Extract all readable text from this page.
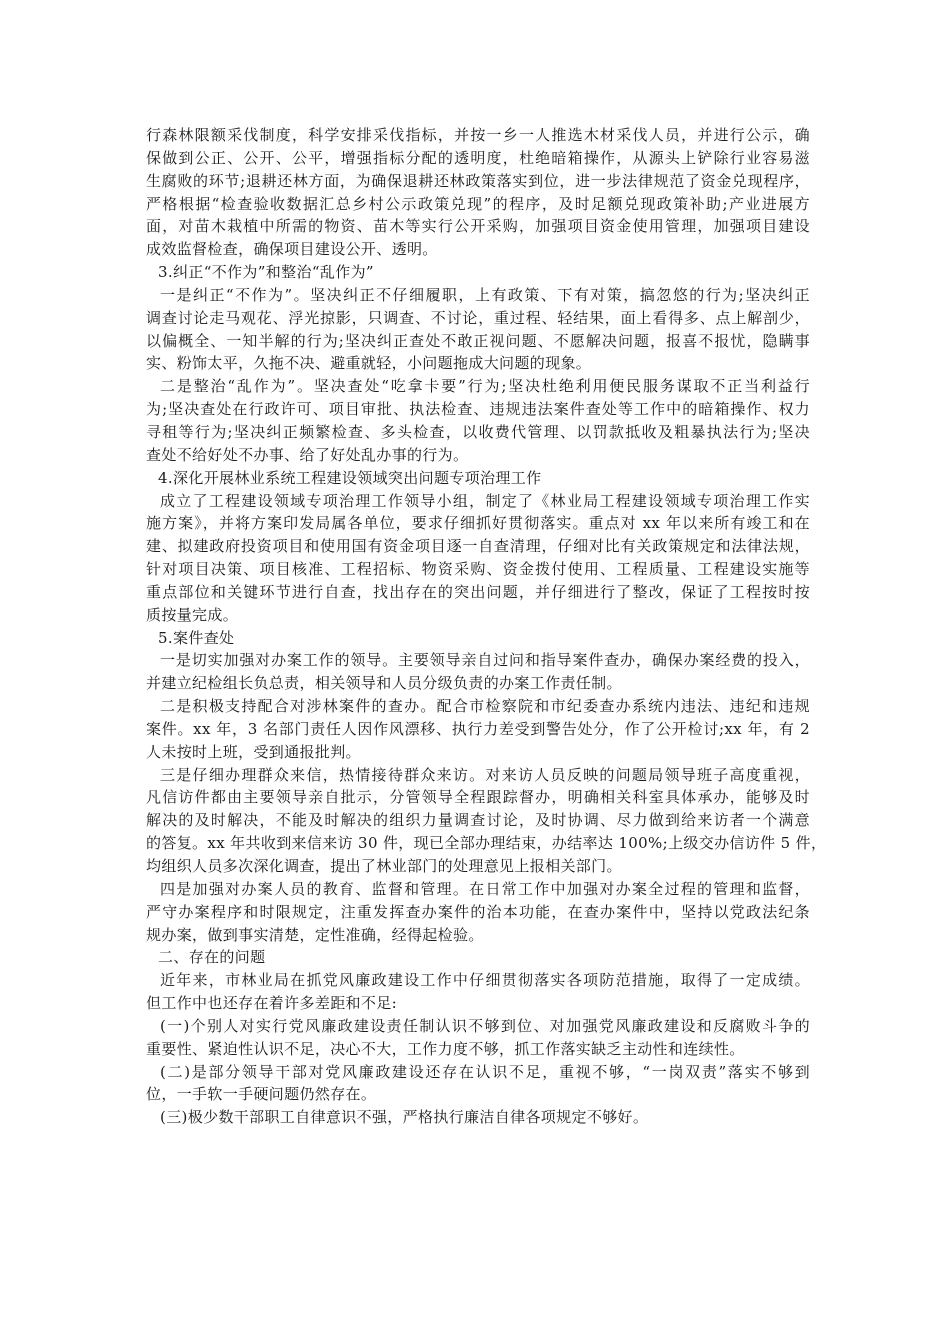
行森林限额采伐制度，科学安排采伐指标，并按一乡一人推选木材采伐人员，并进行公示，确
保做到公正、公开、公平，增强指标分配的透明度，杜绝暗箱操作，从源头上铲除行业容易滋
生腐败的环节;退耕还林方面，为确保退耕还林政策落实到位，进一步法律规范了资金兑现程序，
严格根据“检查验收数据汇总乡村公示政策兑现”的程序，及时足额兑现政策补助;产业进展方
面，对苗木栽植中所需的物资、苗木等实行公开采购，加强项目资金使用管理，加强项目建设
成效监督检查，确保项目建设公开、透明。
3.纠正“不作为”和整治“乱作为”
一是纠正“不作为”。坚决纠正不仔细履职，上有政策、下有对策，搞忽悠的行为;坚决纠正
调查讨论走马观花、浮光掠影，只调查、不讨论，重过程、轻结果，面上看得多、点上解剖少，
以偏概全、一知半解的行为;坚决纠正查处不敢正视问题、不愿解决问题，报喜不报忧，隐瞒事
实、粉饰太平，久拖不决、避重就轻，小问题拖成大问题的现象。
二是整治“乱作为”。坚决查处“吃拿卡要”行为;坚决杜绝利用便民服务谋取不正当利益行
为;坚决查处在行政许可、项目审批、执法检查、违规违法案件查处等工作中的暗箱操作、权力
寻租等行为;坚决纠正频繁检查、多头检查，以收费代管理、以罚款抵收及粗暴执法行为;坚决
查处不给好处不办事、给了好处乱办事的行为。
4.深化开展林业系统工程建设领域突出问题专项治理工作
成立了工程建设领域专项治理工作领导小组，制定了《林业局工程建设领域专项治理工作实
施方案》，并将方案印发局属各单位，要求仔细抓好贯彻落实。重点对 xx 年以来所有竣工和在
建、拟建政府投资项目和使用国有资金项目逐一自查清理，仔细对比有关政策规定和法律法规，
针对项目决策、项目核准、工程招标、物资采购、资金拨付使用、工程质量、工程建设实施等
重点部位和关键环节进行自查，找出存在的突出问题，并仔细进行了整改，保证了工程按时按
质按量完成。
5.案件查处
一是切实加强对办案工作的领导。主要领导亲自过问和指导案件查办，确保办案经费的投入，
并建立纪检组长负总责，相关领导和人员分级负责的办案工作责任制。
二是积极支持配合对涉林案件的查办。配合市检察院和市纪委查办系统内违法、违纪和违规
案件。xx 年，3 名部门责任人因作风漂移、执行力差受到警告处分，作了公开检讨;xx 年，有 2
人未按时上班，受到通报批判。
三是仔细办理群众来信，热情接待群众来访。对来访人员反映的问题局领导班子高度重视，
凡信访件都由主要领导亲自批示，分管领导全程跟踪督办，明确相关科室具体承办，能够及时
解决的及时解决，不能及时解决的组织力量调查讨论，及时协调、尽力做到给来访者一个满意
的答复。xx 年共收到来信来访 30 件，现已全部办理结束，办结率达 100%;上级交办信访件 5 件，
均组织人员多次深化调查，提出了林业部门的处理意见上报相关部门。
四是加强对办案人员的教育、监督和管理。在日常工作中加强对办案全过程的管理和监督，
严守办案程序和时限规定，注重发挥查办案件的治本功能，在查办案件中，坚持以党政法纪条
规办案，做到事实清楚，定性准确，经得起检验。
二、存在的问题
近年来，市林业局在抓党风廉政建设工作中仔细贯彻落实各项防范措施，取得了一定成绩。
但工作中也还存在着许多差距和不足:
(一)个别人对实行党风廉政建设责任制认识不够到位、对加强党风廉政建设和反腐败斗争的
重要性、紧迫性认识不足，决心不大，工作力度不够，抓工作落实缺乏主动性和连续性。
(二)是部分领导干部对党风廉政建设还存在认识不足，重视不够，“一岗双责”落实不够到
位，一手软一手硬问题仍然存在。
(三)极少数干部职工自律意识不强，严格执行廉洁自律各项规定不够好。
